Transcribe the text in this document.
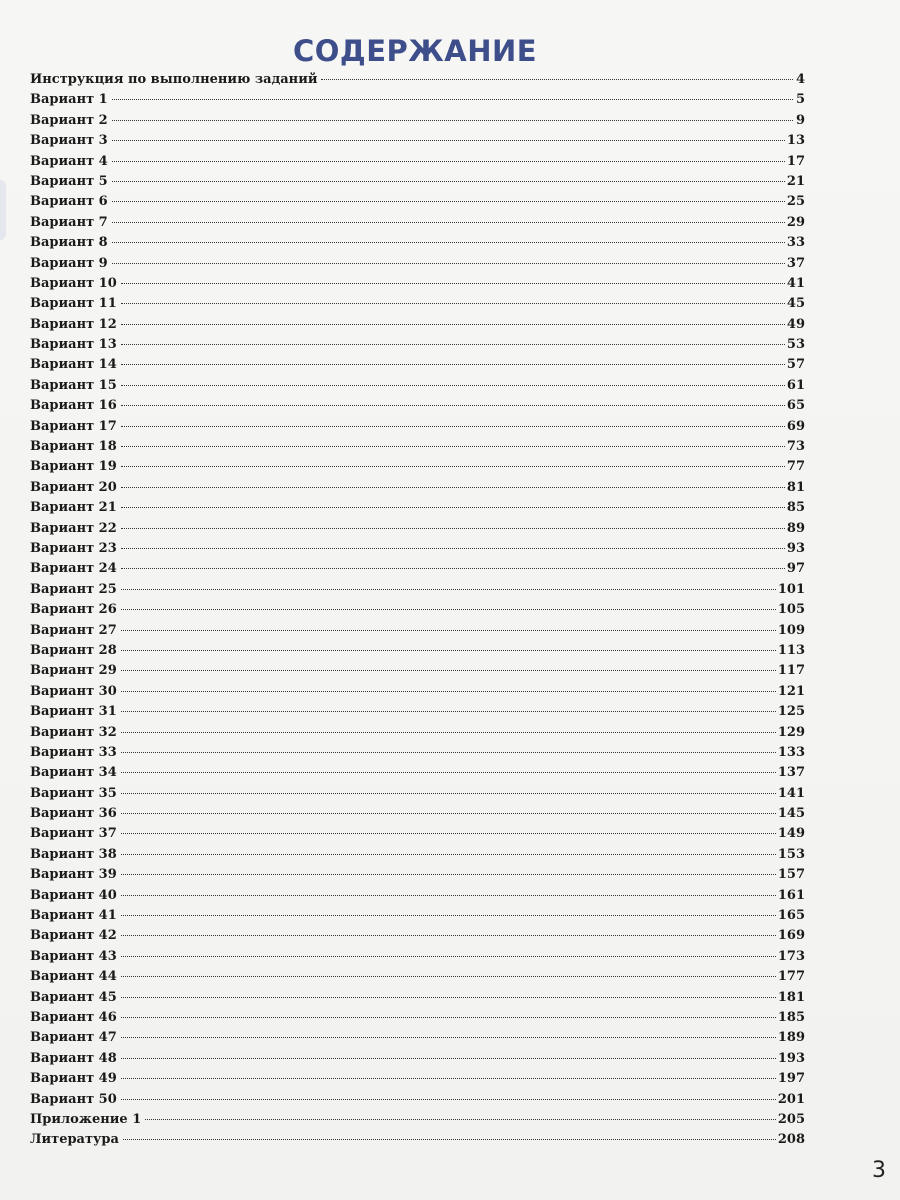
СОДЕРЖАНИЕ
Инструкция по выполнению заданий	4
Вариант 1	5
Вариант 2	9
Вариант 3	13
Вариант 4	17
Вариант 5	21
Вариант 6	25
Вариант 7	29
Вариант 8	33
Вариант 9	37
Вариант 10	41
Вариант 11	45
Вариант 12	49
Вариант 13	53
Вариант 14	57
Вариант 15	61
Вариант 16	65
Вариант 17	69
Вариант 18	73
Вариант 19	77
Вариант 20	81
Вариант 21	85
Вариант 22	89
Вариант 23	93
Вариант 24	97
Вариант 25	101
Вариант 26	105
Вариант 27	109
Вариант 28	113
Вариант 29	117
Вариант 30	121
Вариант 31	125
Вариант 32	129
Вариант 33	133
Вариант 34	137
Вариант 35	141
Вариант 36	145
Вариант 37	149
Вариант 38	153
Вариант 39	157
Вариант 40	161
Вариант 41	165
Вариант 42	169
Вариант 43	173
Вариант 44	177
Вариант 45	181
Вариант 46	185
Вариант 47	189
Вариант 48	193
Вариант 49	197
Вариант 50	201
Приложение 1	205
Литература	208
3
